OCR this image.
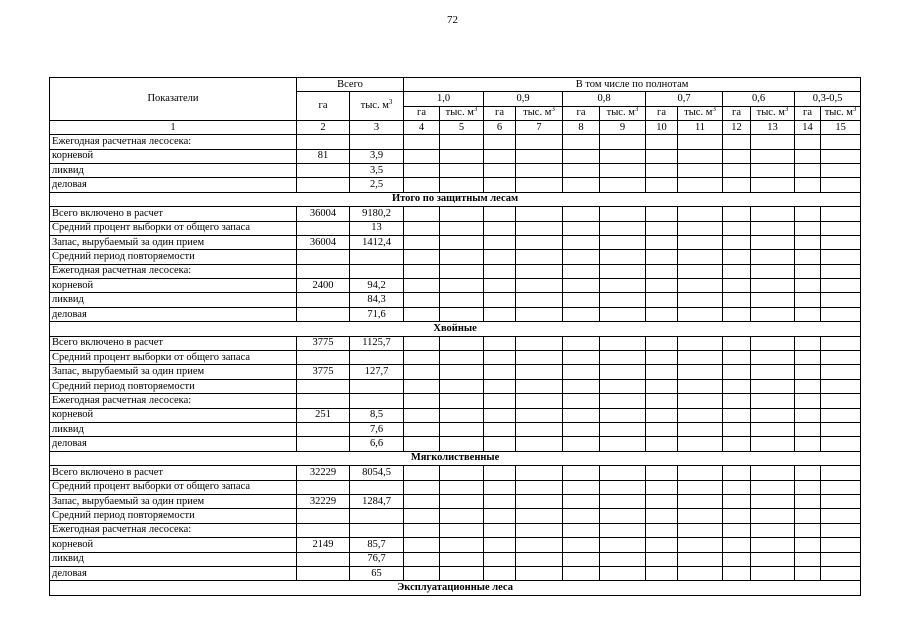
72
Показатели	Всего		В том числе по полнотам											
	га	тыс. $м^3$	1,0		0,9		0,8		0,7		0,6		0,3-0,5	
			га	тыс. $м^3$	га	тыс. $м^3$	га	тыс. $м^3$	га	тыс. $м^3$	га	тыс. $м^3$	га	тыс. $м^3$
1	2	3	4	5	6	7	8	9	10	11	12	13	14	15
Ежегодная расчетная лесосека:														
корневой	81	3,9												
ликвид		3,5												
деловая		2,5												
Итого по защитным лесам														
Всего включено в расчет	36004	9180,2												
Средний процент выборки от общего запаса		13												
Запас, вырубаемый за один прием	36004	1412,4												
Средний период повторяемости														
Ежегодная расчетная лесосека:														
корневой	2400	94,2												
ликвид		84,3												
деловая		71,6												
Хвойные														
Всего включено в расчет	3775	1125,7												
Средний процент выборки от общего запаса														
Запас, вырубаемый за один прием	3775	127,7												
Средний период повторяемости														
Ежегодная расчетная лесосека:														
корневой	251	8,5												
ликвид		7,6												
деловая		6,6												
Мягколиственные														
Всего включено в расчет	32229	8054,5												
Средний процент выборки от общего запаса														
Запас, вырубаемый за один прием	32229	1284,7												
Средний период повторяемости														
Ежегодная расчетная лесосека:														
корневой	2149	85,7												
ликвид		76,7												
деловая		65												
Эксплуатационные леса														
